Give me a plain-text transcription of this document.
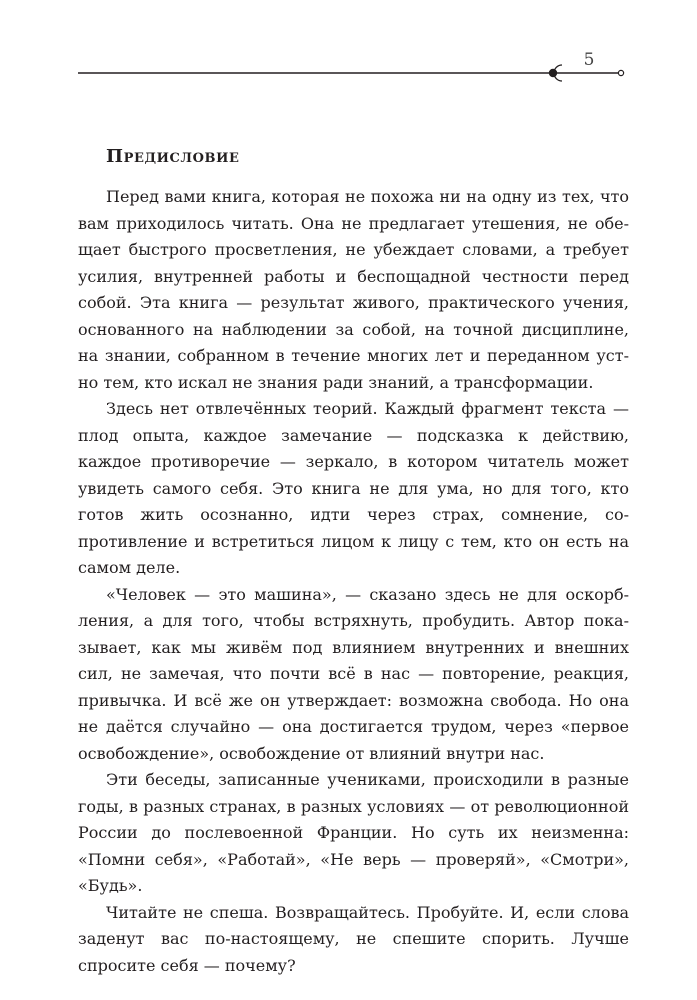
5
Предисловие

Перед вами книга, которая не похожа ни на одну из тех, что вам приходилось читать. Она не предлагает утешения, не обещает быстрого просветления, не убеждает словами, а требует усилия, внутренней работы и беспощадной честности перед собой. Эта книга — результат живого, практического учения, основанного на наблюдении за собой, на точной дисциплине, на знании, собранном в течение многих лет и переданном устно тем, кто искал не знания ради знаний, а трансформации.

Здесь нет отвлечённых теорий. Каждый фрагмент текста — плод опыта, каждое замечание — подсказка к действию, каждое противоречие — зеркало, в котором читатель может увидеть самого себя. Это книга не для ума, но для того, кто готов жить осознанно, идти через страх, сомнение, сопротивление и встретиться лицом к лицу с тем, кто он есть на самом деле.

«Человек — это машина», — сказано здесь не для оскорбления, а для того, чтобы встряхнуть, пробудить. Автор показывает, как мы живём под влиянием внутренних и внешних сил, не замечая, что почти всё в нас — повторение, реакция, привычка. И всё же он утверждает: возможна свобода. Но она не даётся случайно — она достигается трудом, через «первое освобождение», освобождение от влияний внутри нас.

Эти беседы, записанные учениками, происходили в разные годы, в разных странах, в разных условиях — от революционной России до послевоенной Франции. Но суть их неизменна: «Помни себя», «Работай», «Не верь — проверяй», «Смотри», «Будь».

Читайте не спеша. Возвращайтесь. Пробуйте. И, если слова заденут вас по-настоящему, не спешите спорить. Лучше спросите себя — почему?
